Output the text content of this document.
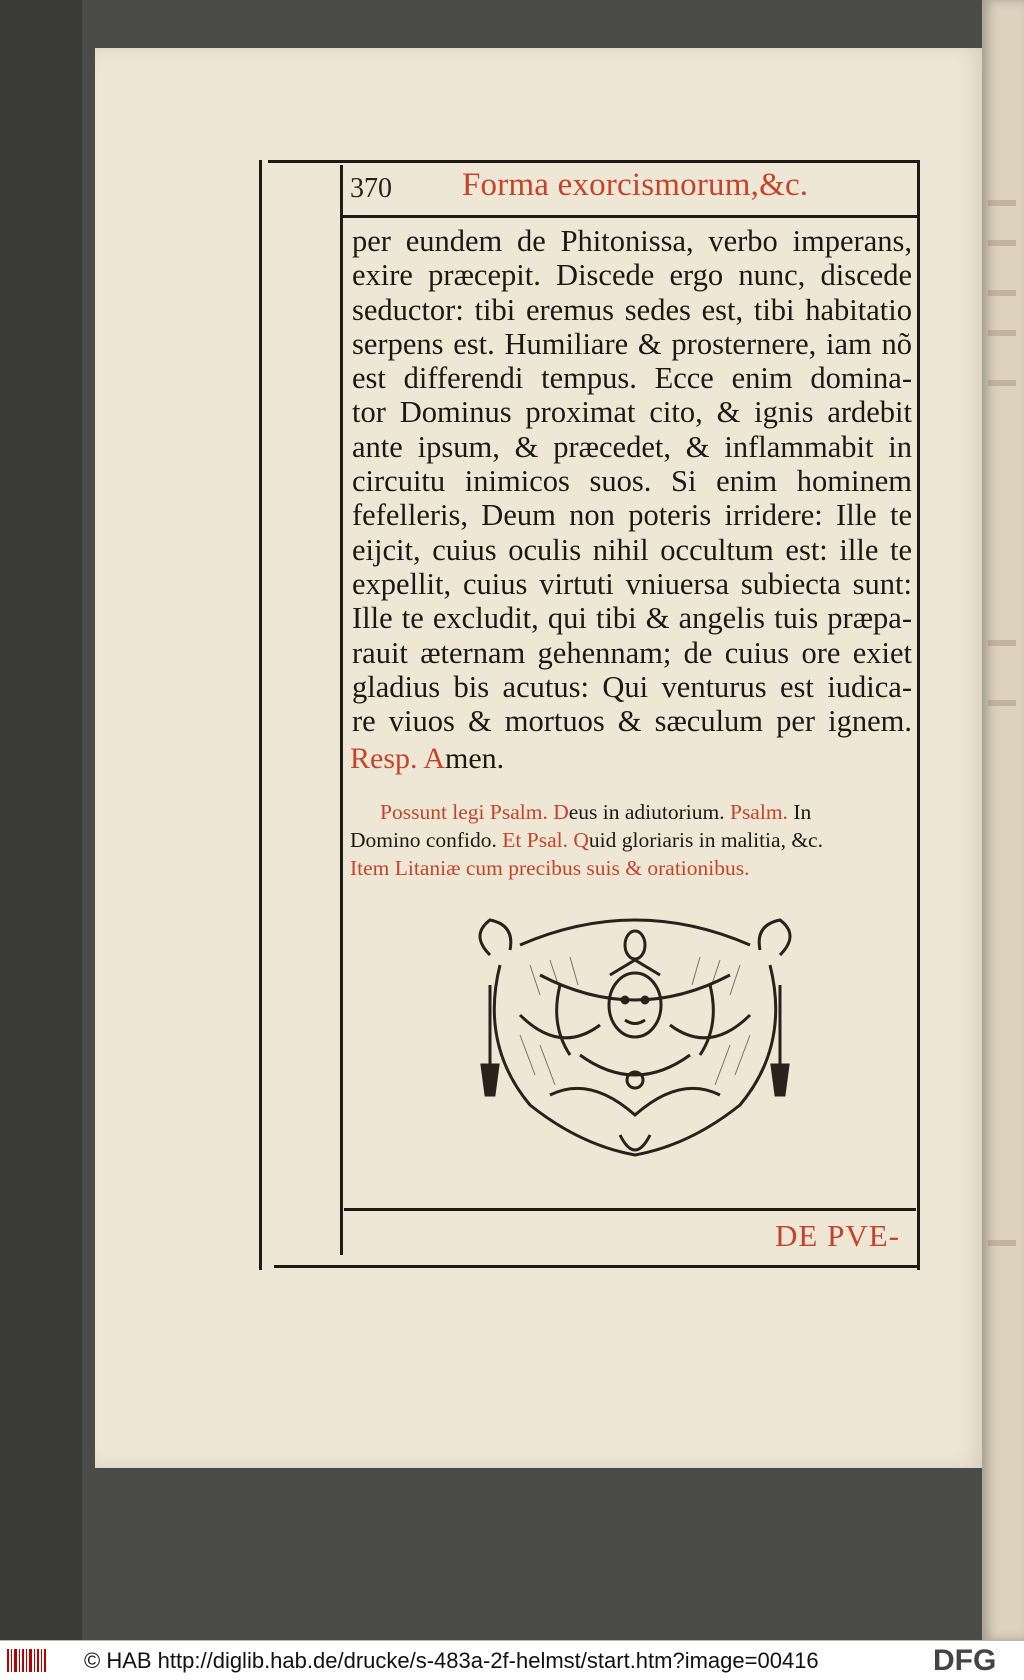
370 Forma exorcismorum,&c.
per eundem de Phitonissa, verbo imperans,
exire præcepit. Discede ergo nunc, discede
seductor: tibi eremus sedes est, tibi habitatio
serpens est. Humiliare & prosternere, iam nõ
est differendi tempus. Ecce enim domina-
tor Dominus proximat cito, & ignis ardebit
ante ipsum, & præcedet, & inflammabit in
circuitu inimicos suos. Si enim hominem
fefelleris, Deum non poteris irridere: Ille te
eijcit, cuius oculis nihil occultum est: ille te
expellit, cuius virtuti vniuersa subiecta sunt:
Ille te excludit, qui tibi & angelis tuis præpa-
rauit æternam gehennam; de cuius ore exiet
gladius bis acutus: Qui venturus est iudica-
re viuos & mortuos & sæculum per ignem.
Resp. Amen.
Possunt legi Psalm. Deus in adiutorium. Psalm. In
Domino confido. Et Psal. Quid gloriaris in malitia, &c.
Item Litaniæ cum precibus suis & orationibus.
DE PVE-
© HAB http://diglib.hab.de/drucke/s-483a-2f-helmst/start.htm?image=00416	DFG
